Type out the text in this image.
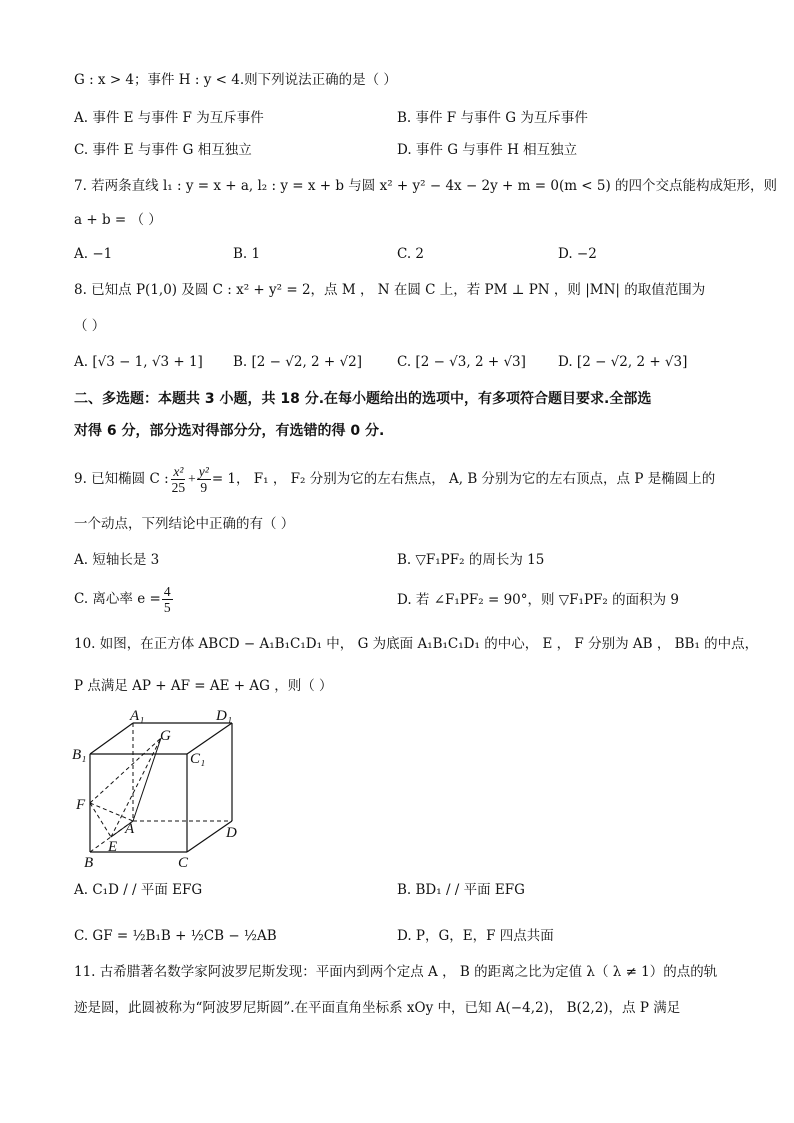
G : x > 4；事件 H : y < 4.则下列说法正确的是（ ）
A. 事件 E 与事件 F 为互斥事件	B. 事件 F 与事件 G 为互斥事件
C. 事件 E 与事件 G 相互独立	D. 事件 G 与事件 H 相互独立
7. 若两条直线 l₁ : y = x + a, l₂ : y = x + b 与圆 x² + y² − 4x − 2y + m = 0(m < 5) 的四个交点能构成矩形，则
a + b = （ ）
A. −1	B. 1	C. 2	D. −2
8. 已知点 P(1,0) 及圆 C : x² + y² = 2，点 M ， N 在圆 C 上，若 PM ⊥ PN ，则 |MN| 的取值范围为
（ ）
A. [√3 − 1, √3 + 1] B. [2 − √2, 2 + √2]	C. [2 − √3, 2 + √3] D. [2 − √2, 2 + √3]
二、多选题：本题共 3 小题，共 18 分.在每小题给出的选项中，有多项符合题目要求.全部选
对得 6 分，部分选对得部分分，有选错的得 0 分.
9. 已知椭圆 C : $\frac{\text{x²}}{25} + \frac{\text{y²}}{9} = 1$， F₁ ， F₂ 分别为它的左右焦点， A, B 分别为它的左右顶点，点 P 是椭圆上的
一个动点，下列结论中正确的有（ ）
A. 短轴长是 3	B. ▽F₁PF₂ 的周长为 15
C. 离心率 $e = \frac{4}{5}$	D. 若 ∠F₁PF₂ = 90°，则 ▽F₁PF₂ 的面积为 9
10. 如图，在正方体 ABCD − A₁B₁C₁D₁ 中， G 为底面 A₁B₁C₁D₁ 的中心， E ， F 分别为 AB ， BB₁ 的中点，
P 点满足 AP + AF = AE + AG ，则（ ）
A₁	D₁
G
B₁	C₁
F
A	D
E
B	C
A. C₁D / / 平面 EFG	B. BD₁ / / 平面 EFG
C. GF = ½B₁B + ½CB − ½AB	D. P，G，E，F 四点共面
11. 古希腊著名数学家阿波罗尼斯发现：平面内到两个定点 A ， B 的距离之比为定值 λ（ λ ≠ 1）的点的轨
迹是圆，此圆被称为“阿波罗尼斯圆”.在平面直角坐标系 xOy 中，已知 A(−4,2)， B(2,2)，点 P 满足
